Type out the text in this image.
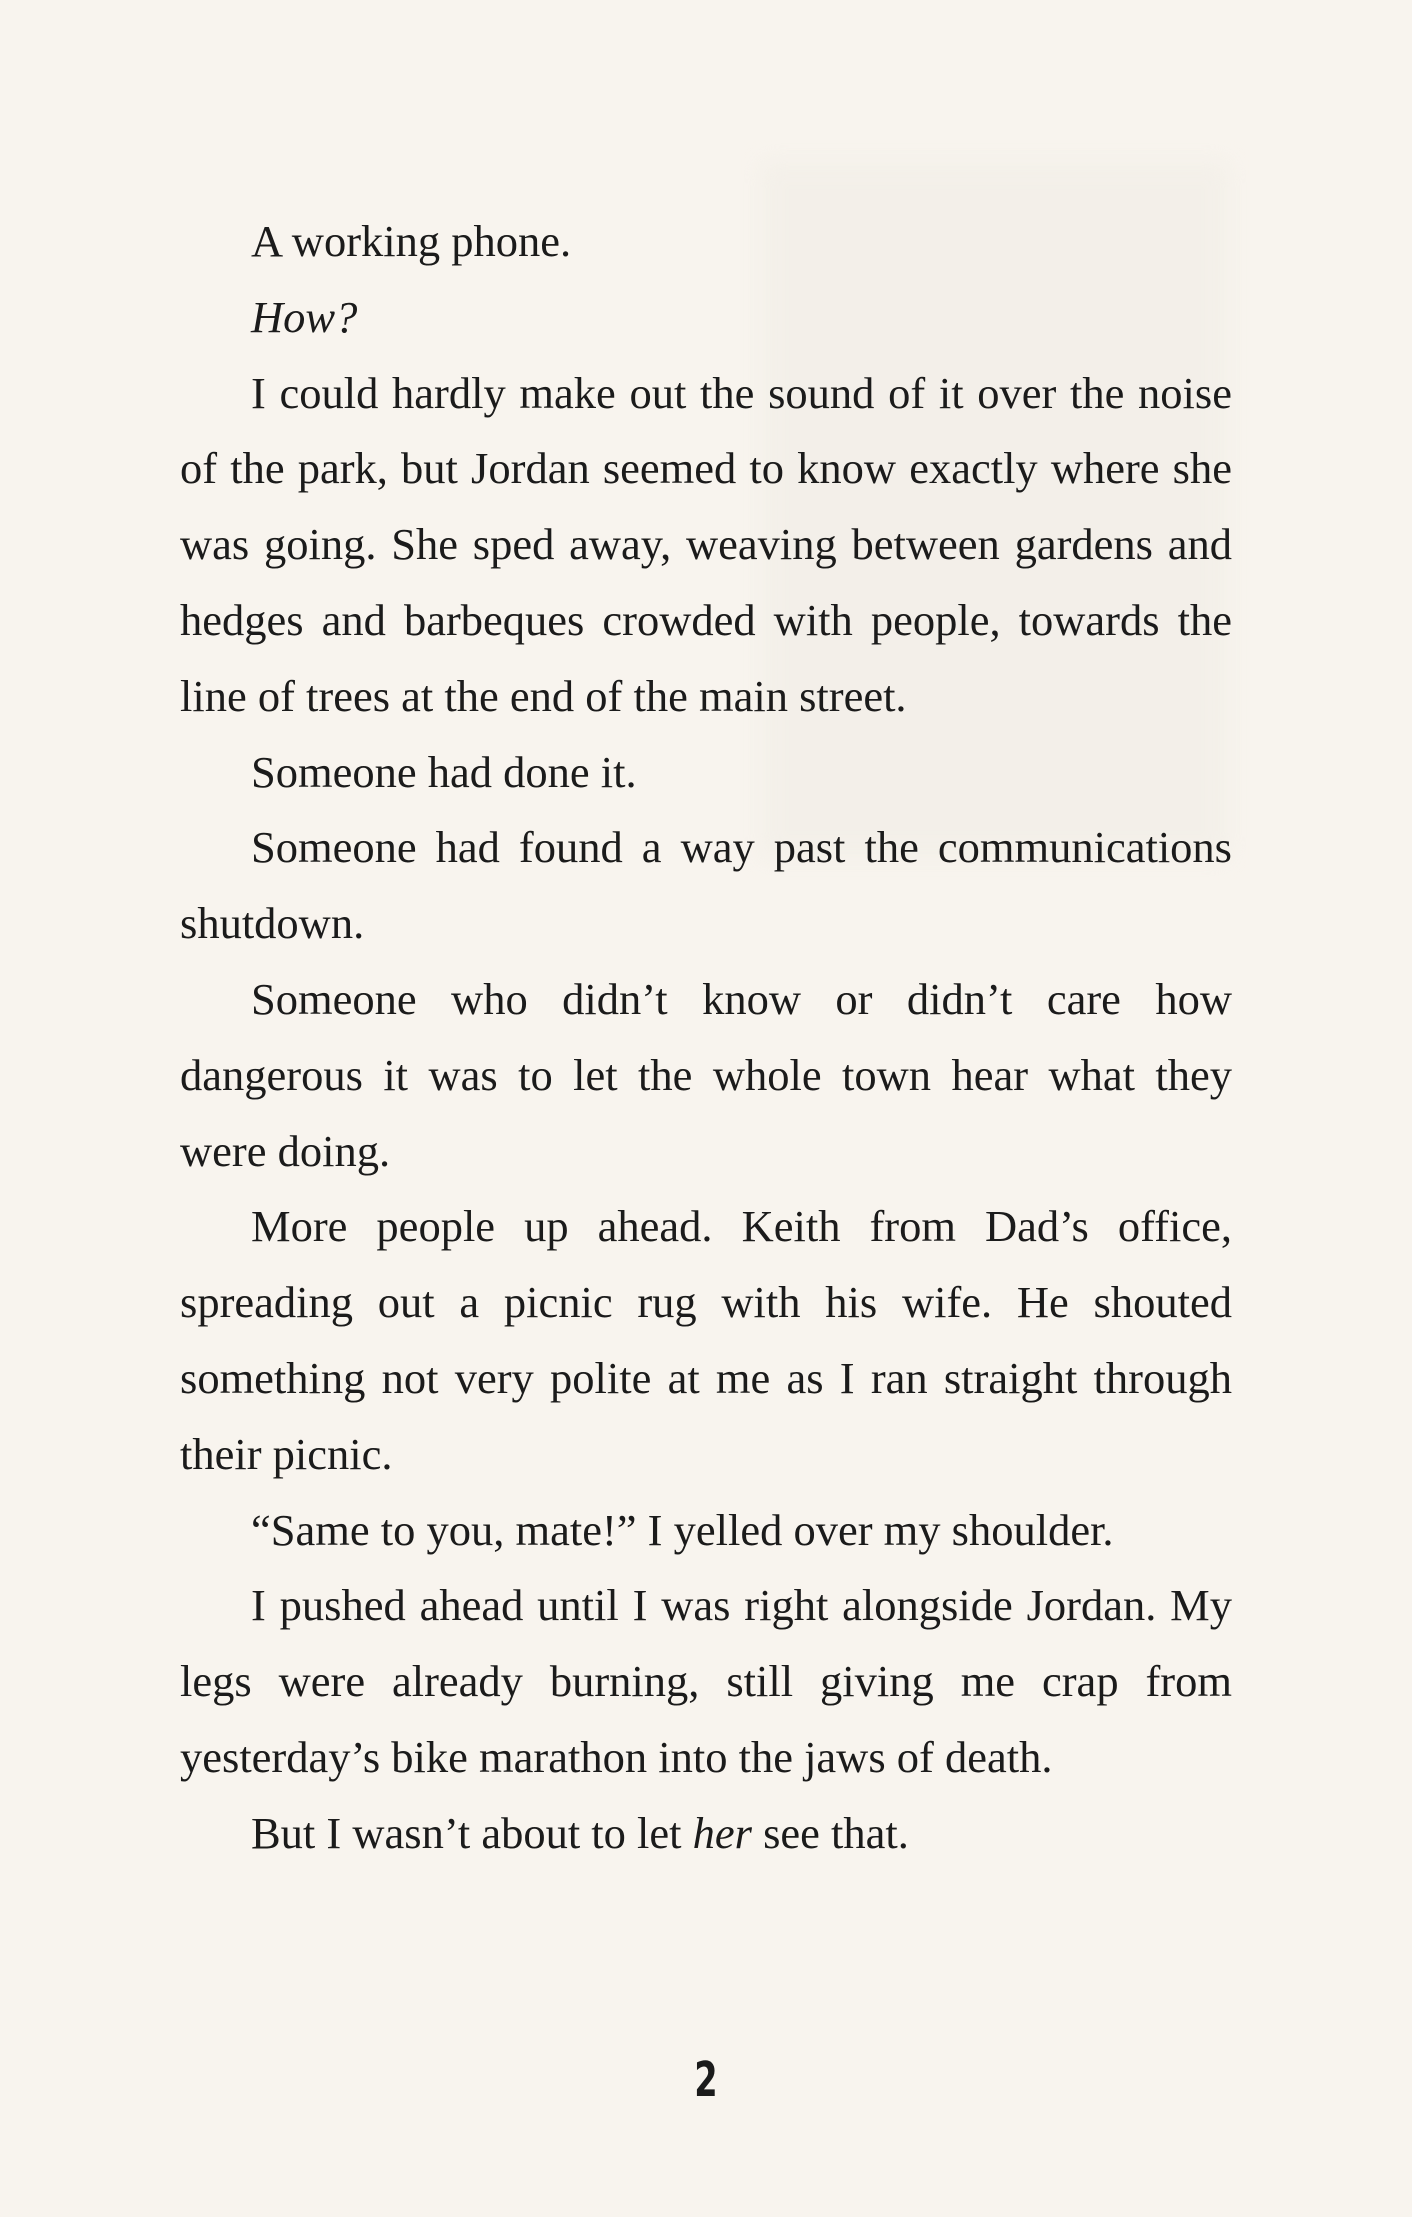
A working phone.

How?

I could hardly make out the sound of it over the noise of the park, but Jordan seemed to know exactly where she was going. She sped away, weaving between gardens and hedges and barbeques crowded with people, towards the line of trees at the end of the main street.

Someone had done it.

Someone had found a way past the communications shutdown.

Someone who didn’t know or didn’t care how dangerous it was to let the whole town hear what they were doing.

More people up ahead. Keith from Dad’s office, spreading out a picnic rug with his wife. He shouted something not very polite at me as I ran straight through their picnic.

“Same to you, mate!” I yelled over my shoulder.

I pushed ahead until I was right alongside Jordan. My legs were already burning, still giving me crap from yesterday’s bike marathon into the jaws of death.

But I wasn’t about to let her see that.

2
